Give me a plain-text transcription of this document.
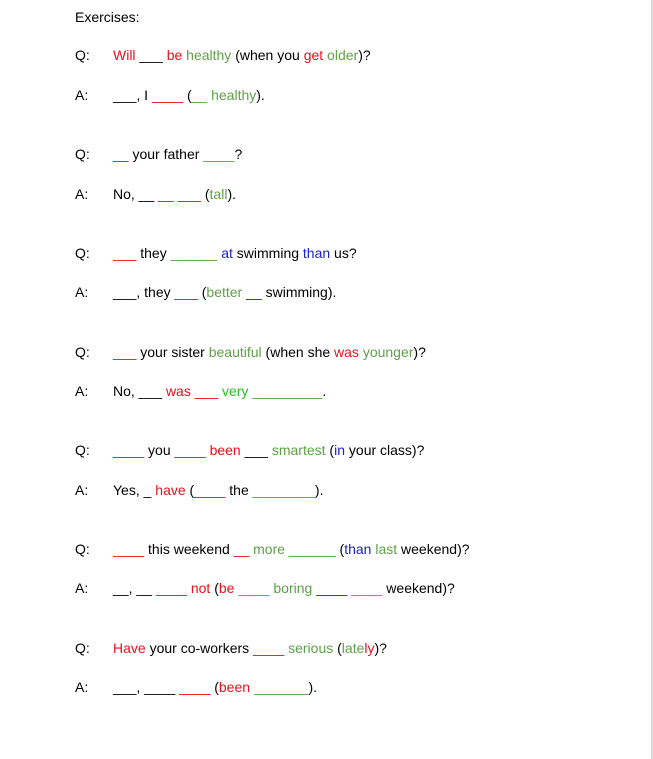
Exercises:

Q:

Will ___ be healthy (when you get older)?

A:

___, I ____ (__ healthy).

Q:

__ your father ____?

A:

No, __ __ ___ (tall).

Q:

___ they ______ at swimming than us?

A:

___, they ___ (better __ swimming).

Q:

___ your sister beautiful (when she was younger)?

A:

No, ___ was ___ very _________.

Q:

____ you ____ been ___ smartest (in your class)?

A:

Yes, _ have (____ the ________).

Q:

____ this weekend __ more ______ (than last weekend)?

A:

__, __ ____ not (be ____ boring ____ ____ weekend)?

Q:

Have your co-workers ____ serious (lately)?

A:

___, ____ ____ (been _______).
